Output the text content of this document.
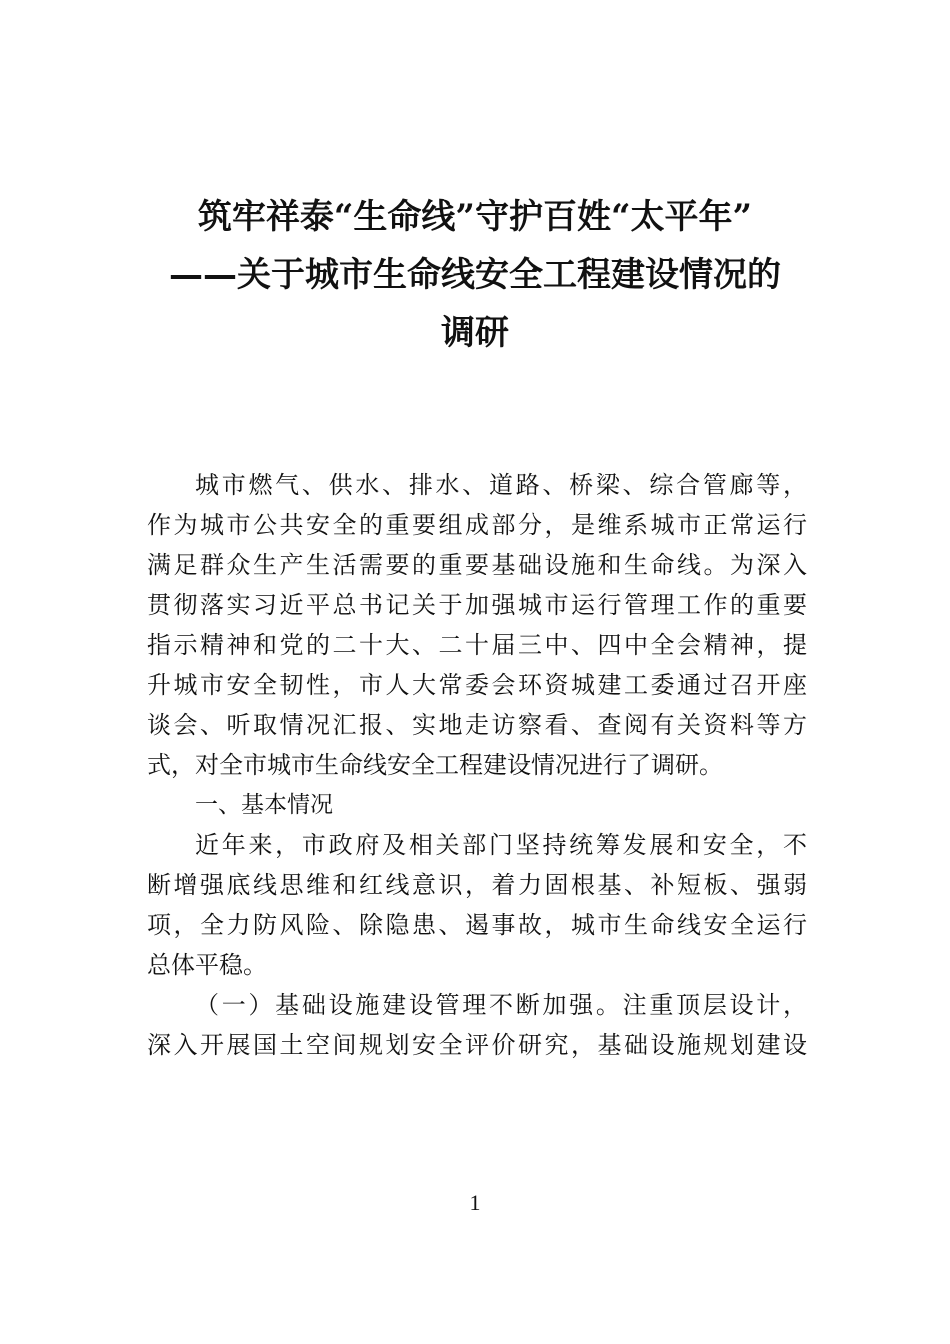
筑牢祥泰“生命线”守护百姓“太平年”
——关于城市生命线安全工程建设情况的
调研
城市燃气、供水、排水、道路、桥梁、综合管廊等，
作为城市公共安全的重要组成部分，是维系城市正常运行
满足群众生产生活需要的重要基础设施和生命线。为深入
贯彻落实习近平总书记关于加强城市运行管理工作的重要
指示精神和党的二十大、二十届三中、四中全会精神，提
升城市安全韧性，市人大常委会环资城建工委通过召开座
谈会、听取情况汇报、实地走访察看、查阅有关资料等方
式，对全市城市生命线安全工程建设情况进行了调研。
一、基本情况
近年来，市政府及相关部门坚持统筹发展和安全，不
断增强底线思维和红线意识，着力固根基、补短板、强弱
项，全力防风险、除隐患、遏事故，城市生命线安全运行
总体平稳。
（一）基础设施建设管理不断加强。注重顶层设计，
深入开展国土空间规划安全评价研究，基础设施规划建设
1
